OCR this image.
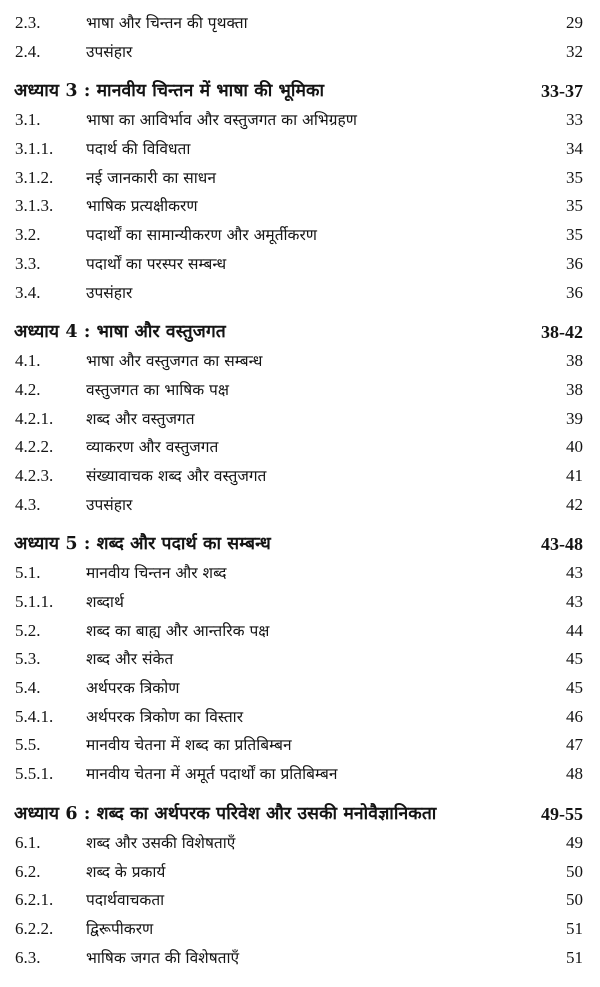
2.3.	भाषा और चिन्तन की पृथक्ता	29
2.4.	उपसंहार	32
अध्याय 3 : मानवीय चिन्तन में भाषा की भूमिका	33-37
3.1.	भाषा का आविर्भाव और वस्तुजगत का अभिग्रहण	33
3.1.1. पदार्थ की विविधता	34
3.1.2. नई जानकारी का साधन	35
3.1.3. भाषिक प्रत्यक्षीकरण	35
3.2.	पदार्थों का सामान्यीकरण और अमूर्तीकरण	35
3.3.	पदार्थों का परस्पर सम्बन्ध	36
3.4.	उपसंहार	36
अध्याय 4 : भाषा और वस्तुजगत	38-42
4.1.	भाषा और वस्तुजगत का सम्बन्ध	38
4.2.	वस्तुजगत का भाषिक पक्ष	38
4.2.1. शब्द और वस्तुजगत	39
4.2.2. व्याकरण और वस्तुजगत	40
4.2.3. संख्यावाचक शब्द और वस्तुजगत	41
4.3.	उपसंहार	42
अध्याय 5 : शब्द और पदार्थ का सम्बन्ध	43-48
5.1.	मानवीय चिन्तन और शब्द	43
5.1.1. शब्दार्थ	43
5.2.	शब्द का बाह्य और आन्तरिक पक्ष	44
5.3.	शब्द और संकेत	45
5.4.	अर्थपरक त्रिकोण	45
5.4.1. अर्थपरक त्रिकोण का विस्तार	46
5.5.	मानवीय चेतना में शब्द का प्रतिबिम्बन	47
5.5.1. मानवीय चेतना में अमूर्त पदार्थों का प्रतिबिम्बन	48
अध्याय 6 : शब्द का अर्थपरक परिवेश और उसकी मनोवैज्ञानिकता	49-55
6.1.	शब्द और उसकी विशेषताएँ	49
6.2.	शब्द के प्रकार्य	50
6.2.1. पदार्थवाचकता	50
6.2.2. द्विरूपीकरण	51
6.3.	भाषिक जगत की विशेषताएँ	51
